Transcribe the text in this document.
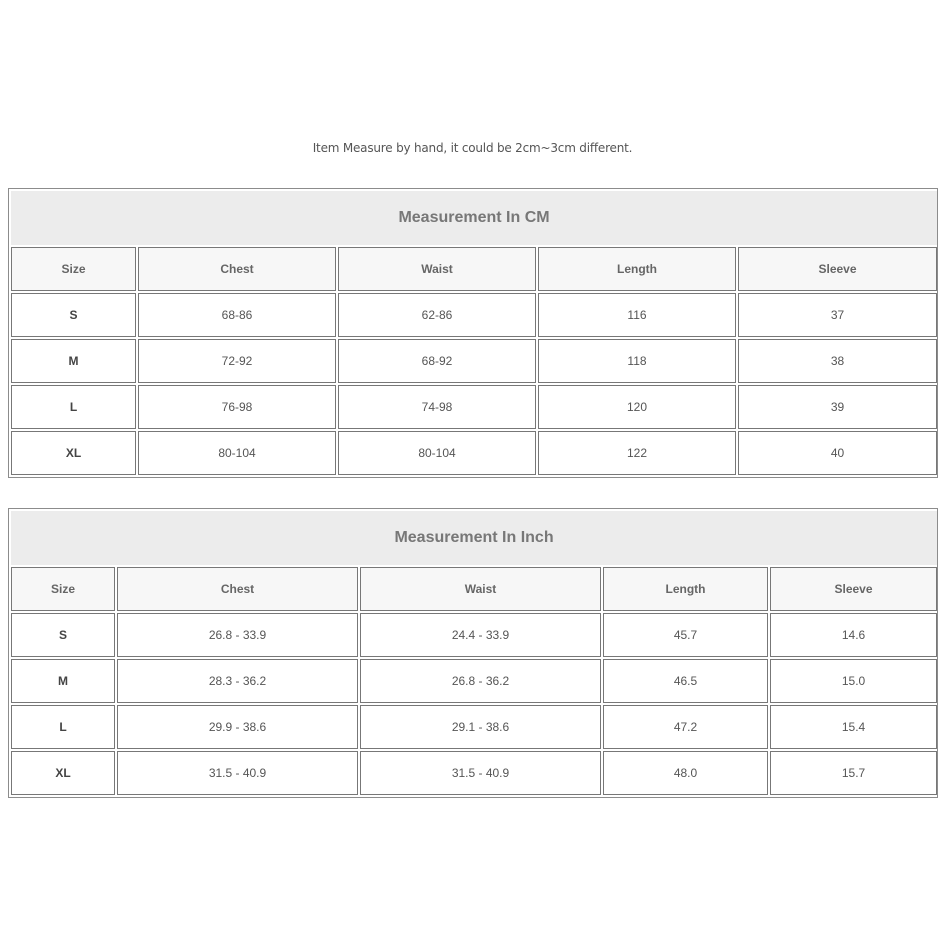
Item Measure by hand, it could be 2cm~3cm different.
Measurement In CM				
Size	Chest	Waist	Length	Sleeve
S	68-86	62-86	116	37
M	72-92	68-92	118	38
L	76-98	74-98	120	39
XL	80-104	80-104	122	40
Measurement In Inch				
Size	Chest	Waist	Length	Sleeve
S	26.8 - 33.9	24.4 - 33.9	45.7	14.6
M	28.3 - 36.2	26.8 - 36.2	46.5	15.0
L	29.9 - 38.6	29.1 - 38.6	47.2	15.4
XL	31.5 - 40.9	31.5 - 40.9	48.0	15.7
